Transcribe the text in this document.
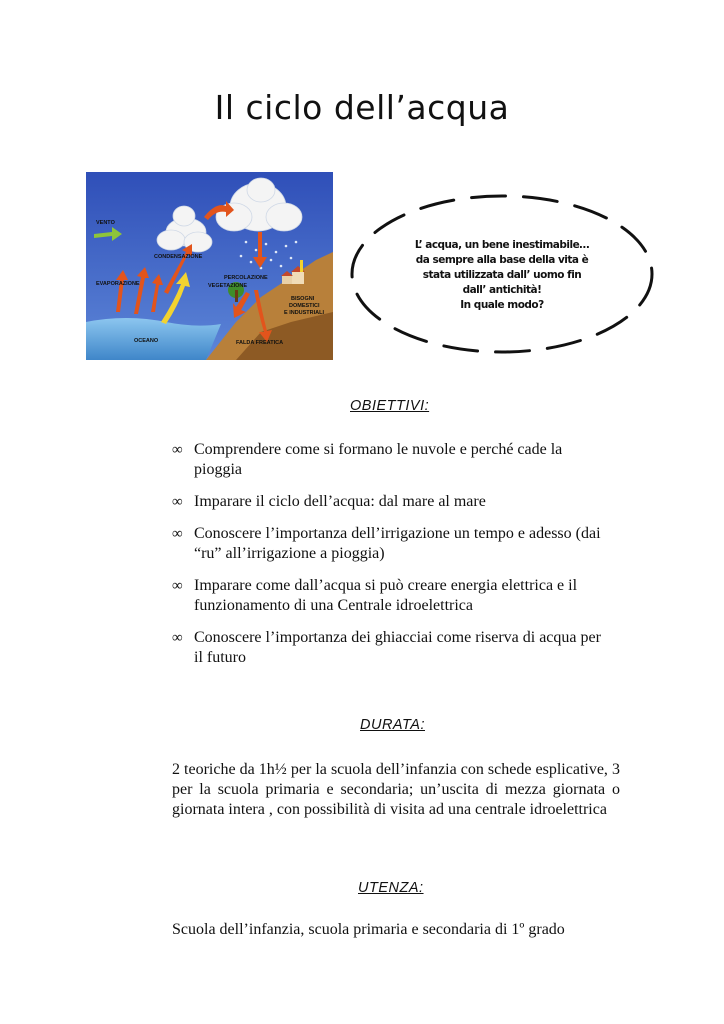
Il ciclo dell’acqua
VENTO
CONDENSAZIONE
EVAPORAZIONE
PERCOLAZIONE
VEGETAZIONE
BISOGNI
DOMESTICI
E INDUSTRIALI
OCEANO	FALDA FREATICA
L’ acqua, un bene inestimabile…
da sempre alla base della vita è
stata utilizzata dall’ uomo fin
dall’ antichità!
In quale modo?
OBIETTIVI:
∞ Comprendere come si formano le nuvole e perché cade la pioggia
∞ Imparare il ciclo dell’acqua: dal mare al mare
∞ Conoscere l’importanza dell’irrigazione un tempo e adesso (dai “ru” all’irrigazione a pioggia)
∞ Imparare come dall’acqua si può creare energia elettrica e il funzionamento di una Centrale idroelettrica
∞ Conoscere l’importanza dei ghiacciai come riserva di acqua per il futuro
DURATA:
2 teoriche da 1h½ per la scuola dell’infanzia con schede esplicative, 3 per la scuola primaria e secondaria; un’uscita di mezza giornata o giornata intera , con possibilità di visita ad una centrale idroelettrica
UTENZA:
Scuola dell’infanzia, scuola primaria e secondaria di 1º grado
